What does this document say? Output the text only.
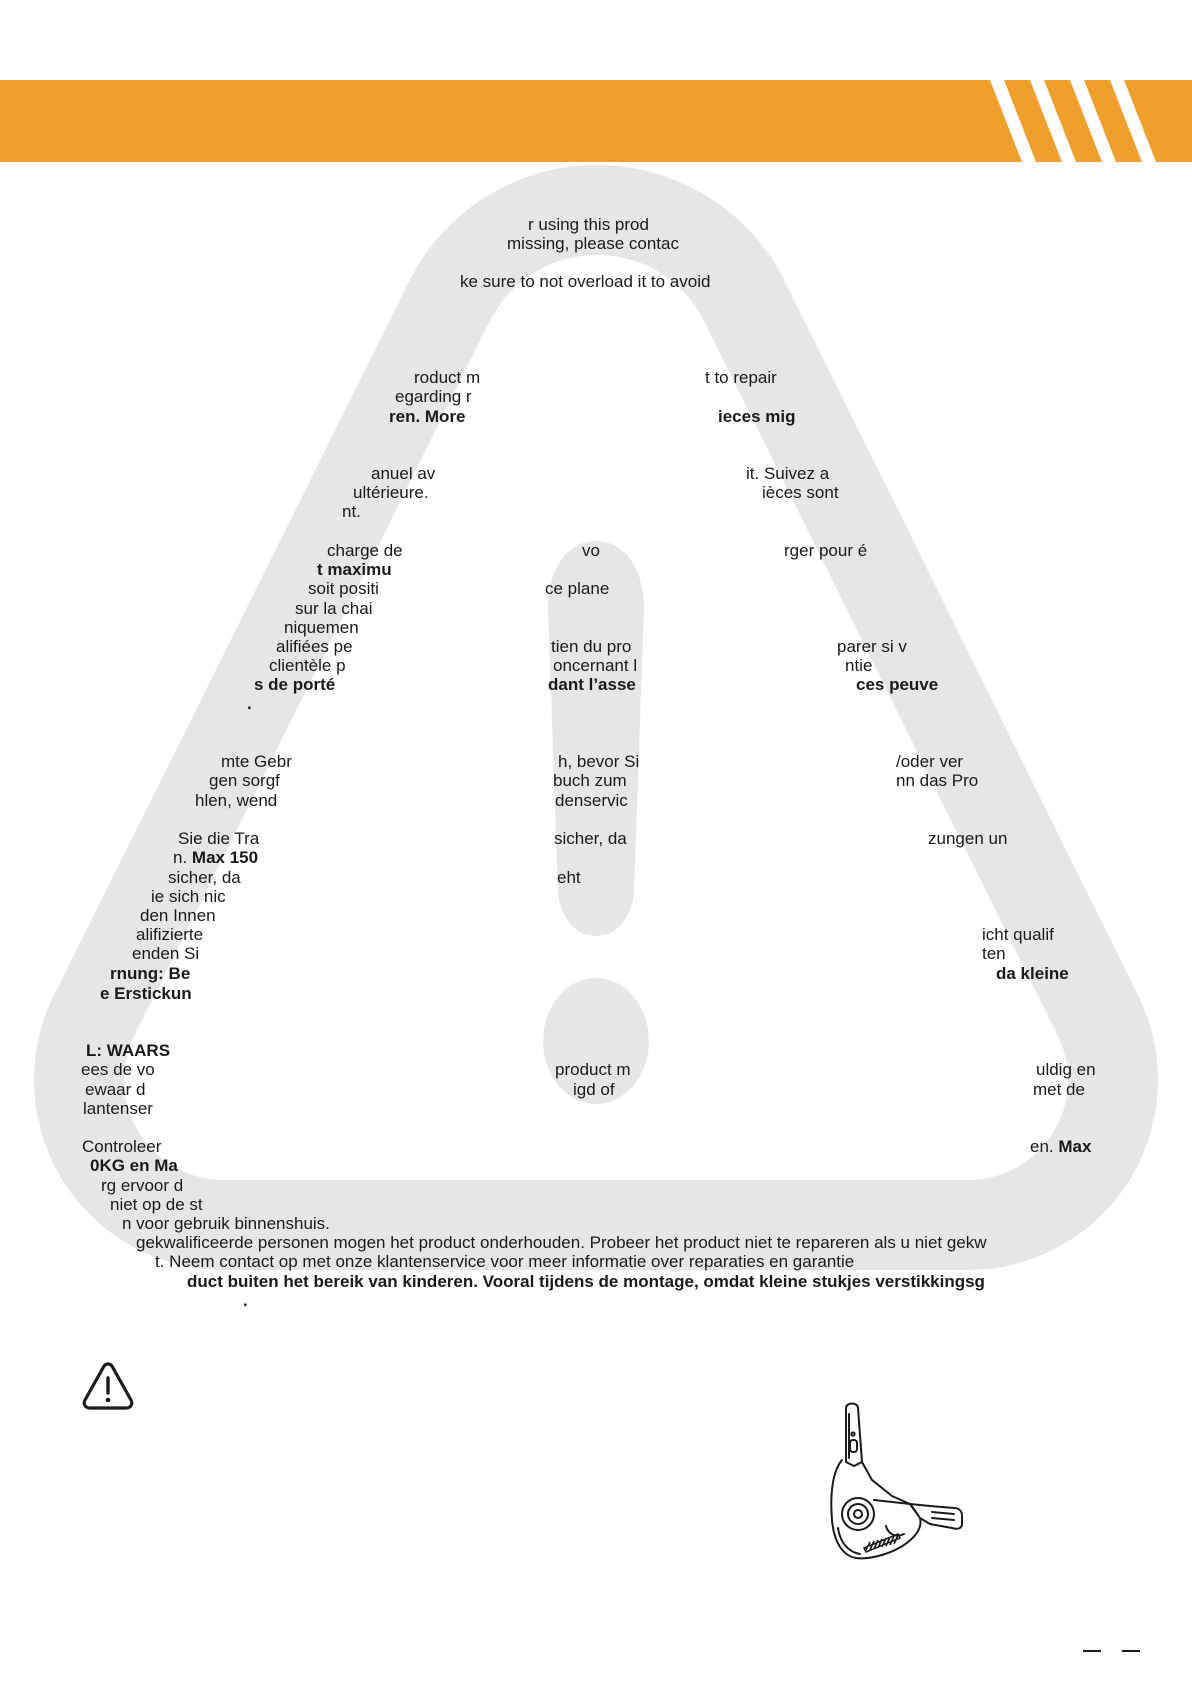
r using this prod
missing, please contac
ke sure to not overload it to avoid
roduct m	t to repair
egarding r
ren. More	ieces mig
anuel av	it. Suivez a
ultérieure.	ièces sont
nt.
charge de	vo	rger pour é
t maximu
soit positi	ce plane
sur la chai
niquemen
alifiées pe	tien du pro	parer si v
clientèle p	oncernant l	ntie
s de porté	dant l’asse	ces peuve
.
mte Gebr	h, bevor Si	/oder ver
gen sorgf	buch zum	nn das Pro
hlen, wend	denservic
Sie die Tra	sicher, da	zungen un
n. Max 150
sicher, da	eht
ie sich nic
den Innen
alifizierte	icht qualif
enden Si	ten
rnung: Be	da kleine
e Erstickun
L: WAARS
ees de vo	product m	uldig en
ewaar d	igd of	met de
lantenser
Controleer	en. Max
0KG en Ma
rg ervoor d
niet op de st
n voor gebruik binnenshuis.
gekwalificeerde personen mogen het product onderhouden. Probeer het product niet te repareren als u niet gekw
t. Neem contact op met onze klantenservice voor meer informatie over reparaties en garantie
duct buiten het bereik van kinderen. Vooral tijdens de montage, omdat kleine stukjes verstikkingsg
.
